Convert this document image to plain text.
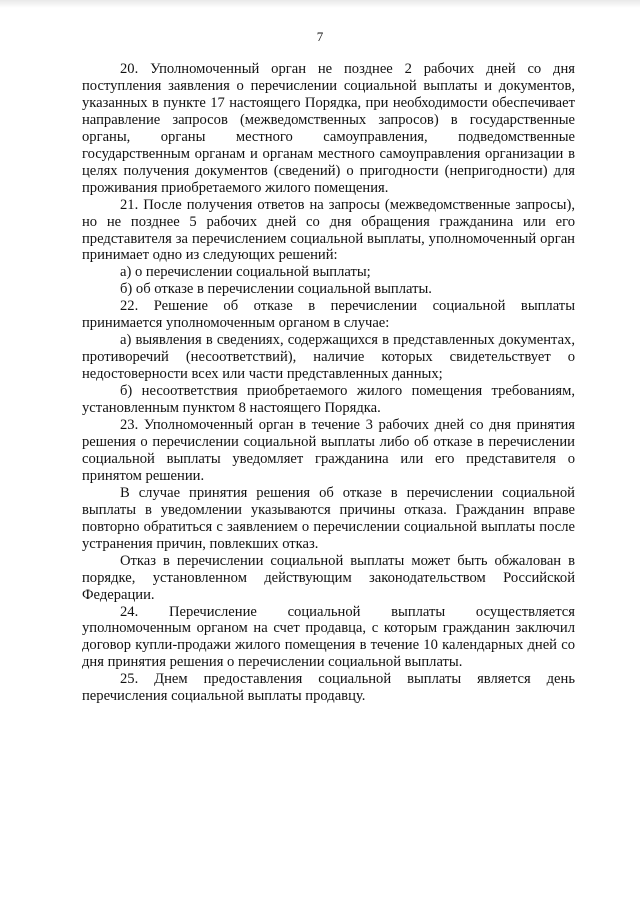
7

20. Уполномоченный орган не позднее 2 рабочих дней со дня поступления заявления о перечислении социальной выплаты и документов, указанных в пункте 17 настоящего Порядка, при необходимости обеспечивает направление запросов (межведомственных запросов) в государственные органы, органы местного самоуправления, подведомственные государственным органам и органам местного самоуправления организации в целях получения документов (сведений) о пригодности (непригодности) для проживания приобретаемого жилого помещения.

21. После получения ответов на запросы (межведомственные запросы), но не позднее 5 рабочих дней со дня обращения гражданина или его представителя за перечислением социальной выплаты, уполномоченный орган принимает одно из следующих решений:

а) о перечислении социальной выплаты;

б) об отказе в перечислении социальной выплаты.

22. Решение об отказе в перечислении социальной выплаты принимается уполномоченным органом в случае:

а) выявления в сведениях, содержащихся в представленных документах, противоречий (несоответствий), наличие которых свидетельствует о недостоверности всех или части представленных данных;

б) несоответствия приобретаемого жилого помещения требованиям, установленным пунктом 8 настоящего Порядка.

23. Уполномоченный орган в течение 3 рабочих дней со дня принятия решения о перечислении социальной выплаты либо об отказе в перечислении социальной выплаты уведомляет гражданина или его представителя о принятом решении.

В случае принятия решения об отказе в перечислении социальной выплаты в уведомлении указываются причины отказа. Гражданин вправе повторно обратиться с заявлением о перечислении социальной выплаты после устранения причин, повлекших отказ.

Отказ в перечислении социальной выплаты может быть обжалован в порядке, установленном действующим законодательством Российской Федерации.

24. Перечисление социальной выплаты осуществляется уполномоченным органом на счет продавца, с которым гражданин заключил договор купли-продажи жилого помещения в течение 10 календарных дней со дня принятия решения о перечислении социальной выплаты.

25. Днем предоставления социальной выплаты является день перечисления социальной выплаты продавцу.
